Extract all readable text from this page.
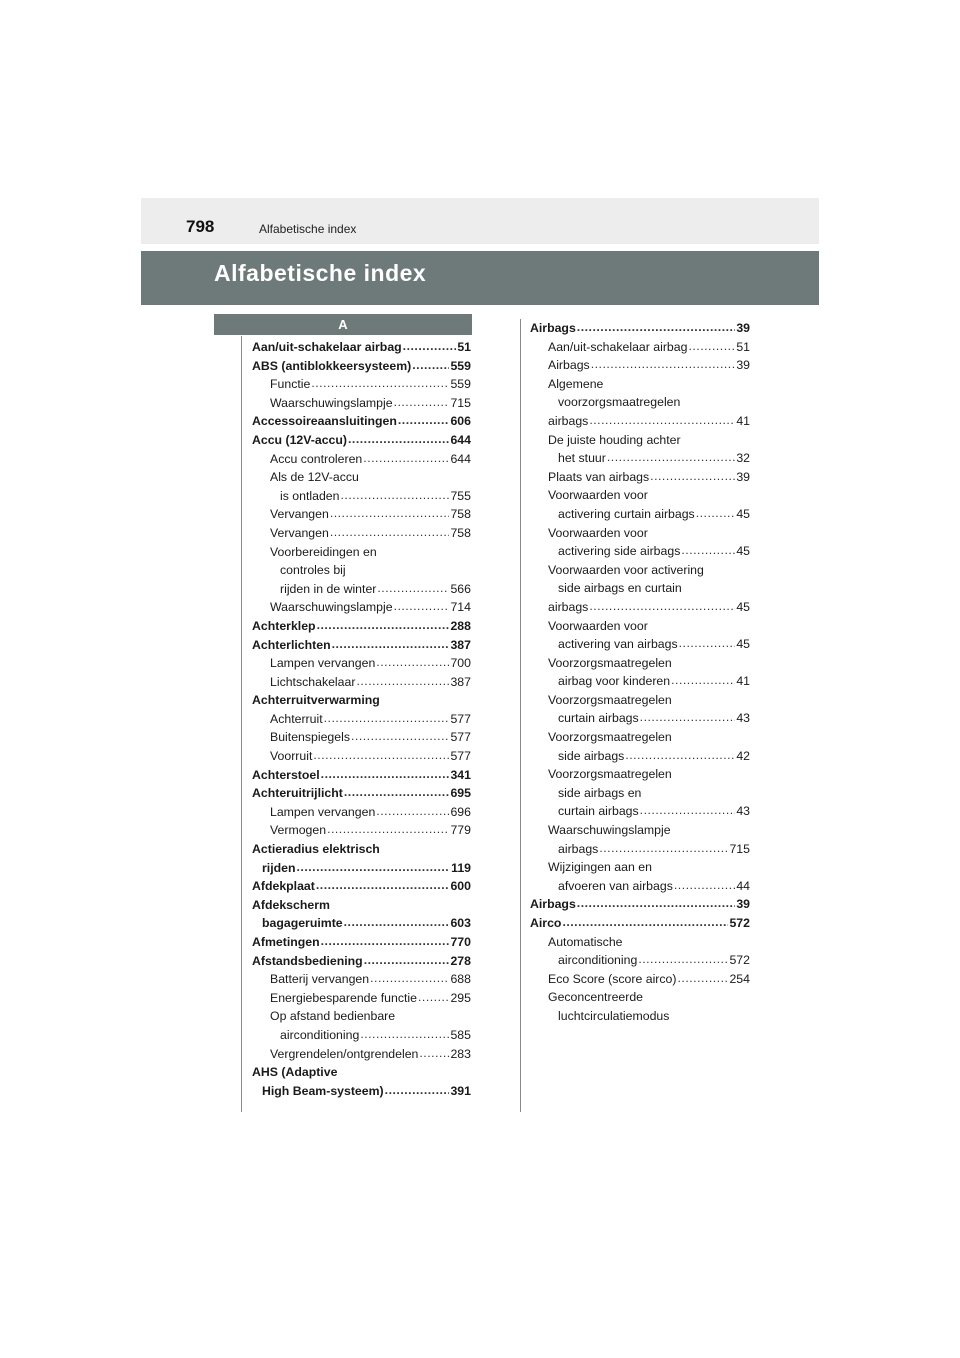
798	Alfabetische index
Alfabetische index
A
Aan/uit-schakelaar airbag .....	51
ABS (antiblokkeersysteem) .....	559
Functie .....	559
Waarschuwingslampje .....	715
Accessoireaansluitingen .....	606
Accu (12V-accu) .....	644
Accu controleren .....	644
Als de 12V-accu
is ontladen .....	755
Vervangen .....	758
Vervangen .....	758
Voorbereidingen en
controles bij
rijden in de winter .....	566
Waarschuwingslampje .....	714
Achterklep .....	288
Achterlichten .....	387
Lampen vervangen .....	700
Lichtschakelaar .....	387
Achterruitverwarming
Achterruit .....	577
Buitenspiegels .....	577
Voorruit .....	577
Achterstoel .....	341
Achteruitrijlicht .....	695
Lampen vervangen .....	696
Vermogen .....	779
Actieradius elektrisch
rijden .....	119
Afdekplaat .....	600
Afdekscherm
bagageruimte .....	603
Afmetingen .....	770
Afstandsbediening .....	278
Batterij vervangen .....	688
Energiebesparende functie .....	295
Op afstand bedienbare
airconditioning .....	585
Vergrendelen/ontgrendelen .....	283
AHS (Adaptive
High Beam-systeem) .....	391
Airbags .....	39
Aan/uit-schakelaar airbag .....	51
Airbags .....	39
Algemene
voorzorgsmaatregelen
airbags .....	41
De juiste houding achter
het stuur .....	32
Plaats van airbags .....	39
Voorwaarden voor
activering curtain airbags .....	45
Voorwaarden voor
activering side airbags .....	45
Voorwaarden voor activering
side airbags en curtain
airbags .....	45
Voorwaarden voor
activering van airbags .....	45
Voorzorgsmaatregelen
airbag voor kinderen .....	41
Voorzorgsmaatregelen
curtain airbags .....	43
Voorzorgsmaatregelen
side airbags .....	42
Voorzorgsmaatregelen
side airbags en
curtain airbags .....	43
Waarschuwingslampje
airbags .....	715
Wijzigingen aan en
afvoeren van airbags .....	44
Airbags .....	39
Airco .....	572
Automatische
airconditioning .....	572
Eco Score (score airco) .....	254
Geconcentreerde
luchtcirculatiemodus
